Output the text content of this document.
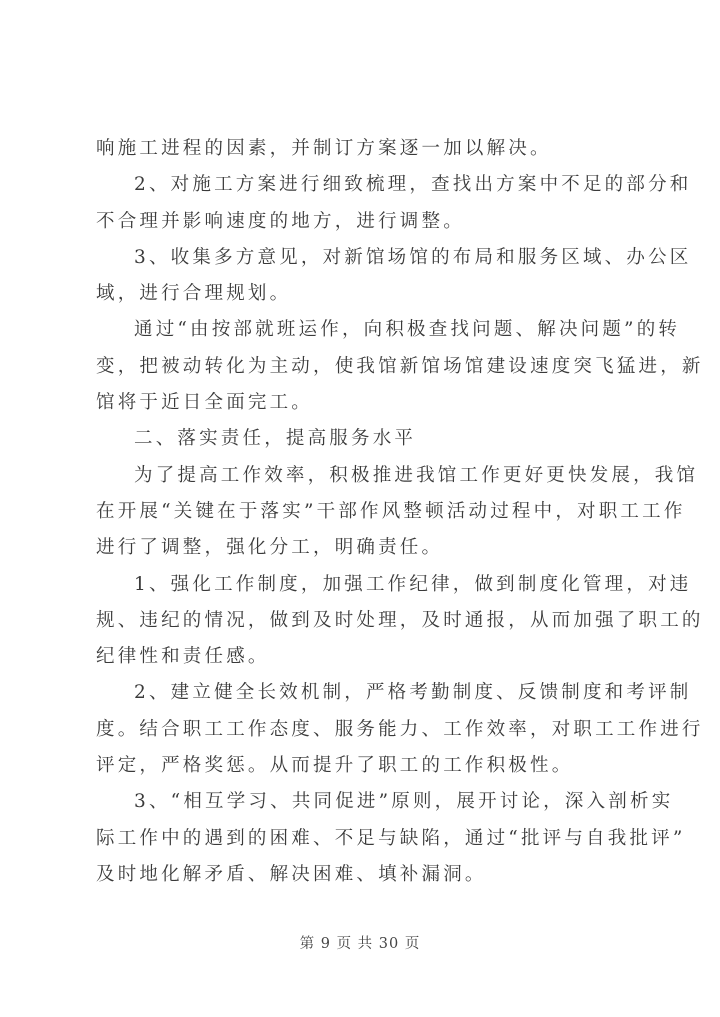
响施工进程的因素，并制订方案逐一加以解决。
2、对施工方案进行细致梳理，查找出方案中不足的部分和
不合理并影响速度的地方，进行调整。
3、收集多方意见，对新馆场馆的布局和服务区域、办公区
域，进行合理规划。
通过“由按部就班运作，向积极查找问题、解决问题”的转
变，把被动转化为主动，使我馆新馆场馆建设速度突飞猛进，新
馆将于近日全面完工。
二、落实责任，提高服务水平
为了提高工作效率，积极推进我馆工作更好更快发展，我馆
在开展“关键在于落实”干部作风整顿活动过程中，对职工工作
进行了调整，强化分工，明确责任。
1、强化工作制度，加强工作纪律，做到制度化管理，对违
规、违纪的情况，做到及时处理，及时通报，从而加强了职工的
纪律性和责任感。
2、建立健全长效机制，严格考勤制度、反馈制度和考评制
度。结合职工工作态度、服务能力、工作效率，对职工工作进行
评定，严格奖惩。从而提升了职工的工作积极性。
3、“相互学习、共同促进”原则，展开讨论，深入剖析实
际工作中的遇到的困难、不足与缺陷，通过“批评与自我批评”
及时地化解矛盾、解决困难、填补漏洞。
第 9 页 共 30 页
